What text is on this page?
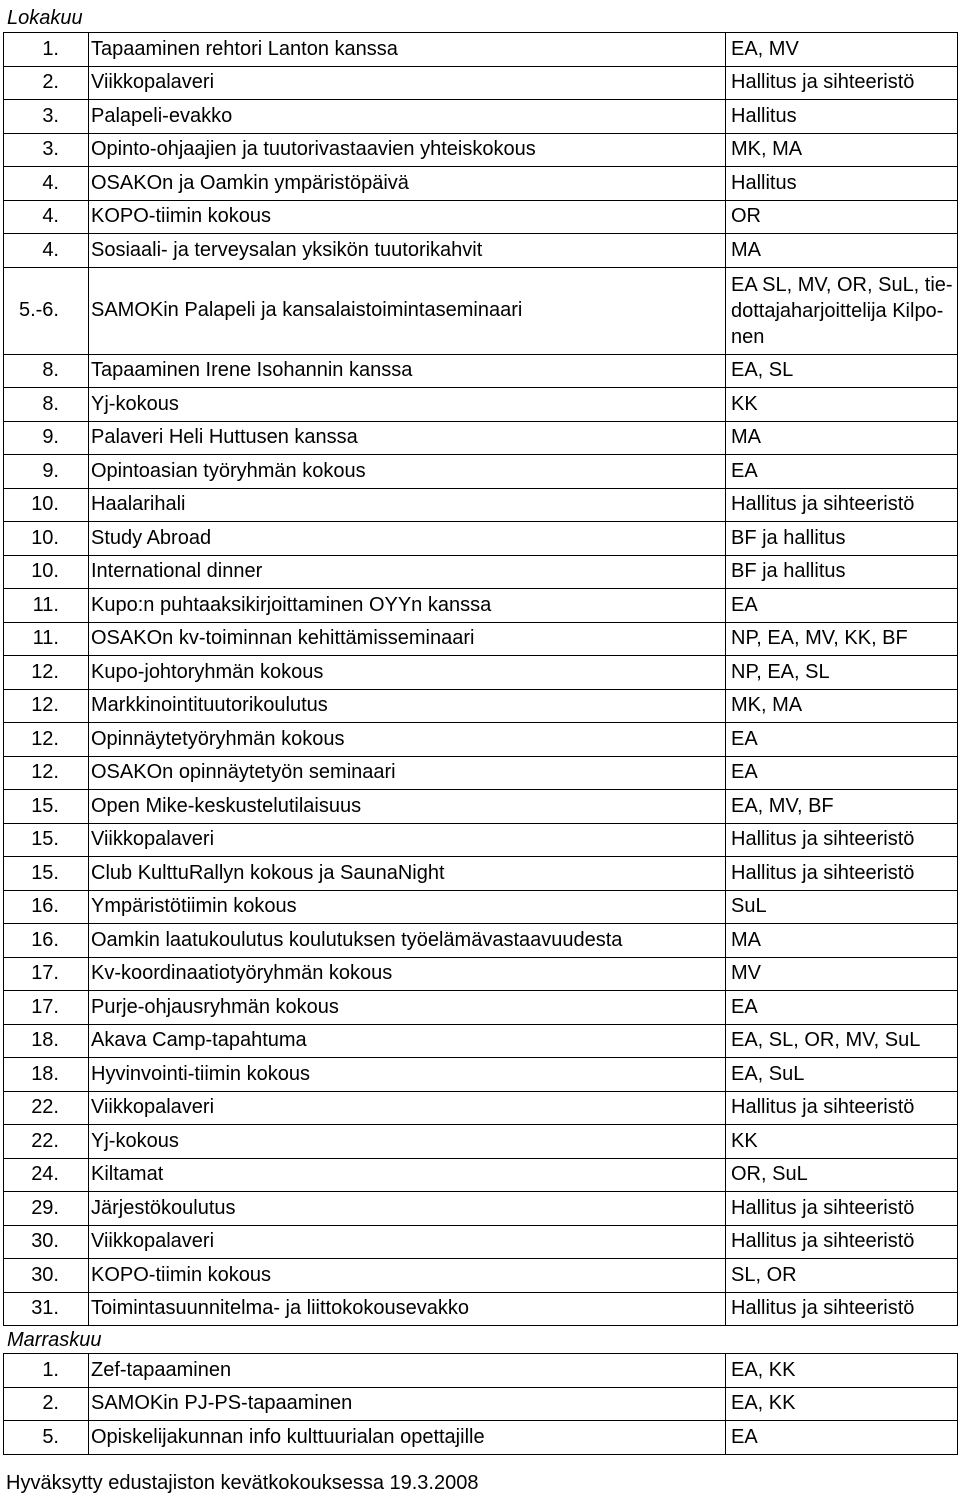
Lokakuu
1.	Tapaaminen rehtori Lanton kanssa	EA, MV
2.	Viikkopalaveri	Hallitus ja sihteeristö
3.	Palapeli-evakko	Hallitus
3.	Opinto-ohjaajien ja tuutorivastaavien yhteiskokous	MK, MA
4.	OSAKOn ja Oamkin ympäristöpäivä	Hallitus
4.	KOPO-tiimin kokous	OR
4.	Sosiaali- ja terveysalan yksikön tuutorikahvit	MA
5.-6.	SAMOKin Palapeli ja kansalaistoimintaseminaari	EA SL, MV, OR, SuL, tie-dottajaharjoittelija Kilpo-nen
8.	Tapaaminen Irene Isohannin kanssa	EA, SL
8.	Yj-kokous	KK
9.	Palaveri Heli Huttusen kanssa	MA
9.	Opintoasian työryhmän kokous	EA
10.	Haalarihali	Hallitus ja sihteeristö
10.	Study Abroad	BF ja hallitus
10.	International dinner	BF ja hallitus
11.	Kupo:n puhtaaksikirjoittaminen OYYn kanssa	EA
11.	OSAKOn kv-toiminnan kehittämisseminaari	NP, EA, MV, KK, BF
12.	Kupo-johtoryhmän kokous	NP, EA, SL
12.	Markkinointituutorikoulutus	MK, MA
12.	Opinnäytetyöryhmän kokous	EA
12.	OSAKOn opinnäytetyön seminaari	EA
15.	Open Mike-keskustelutilaisuus	EA, MV, BF
15.	Viikkopalaveri	Hallitus ja sihteeristö
15.	Club KulttuRallyn kokous ja SaunaNight	Hallitus ja sihteeristö
16.	Ympäristötiimin kokous	SuL
16.	Oamkin laatukoulutus koulutuksen työelämävastaavuudesta	MA
17.	Kv-koordinaatiotyöryhmän kokous	MV
17.	Purje-ohjausryhmän kokous	EA
18.	Akava Camp-tapahtuma	EA, SL, OR, MV, SuL
18.	Hyvinvointi-tiimin kokous	EA, SuL
22.	Viikkopalaveri	Hallitus ja sihteeristö
22.	Yj-kokous	KK
24.	Kiltamat	OR, SuL
29.	Järjestökoulutus	Hallitus ja sihteeristö
30.	Viikkopalaveri	Hallitus ja sihteeristö
30.	KOPO-tiimin kokous	SL, OR
31.	Toimintasuunnitelma- ja liittokokousevakko	Hallitus ja sihteeristö
Marraskuu
1.	Zef-tapaaminen	EA, KK
2.	SAMOKin PJ-PS-tapaaminen	EA, KK
5.	Opiskelijakunnan info kulttuurialan opettajille	EA
Hyväksytty edustajiston kevätkokouksessa 19.3.2008
